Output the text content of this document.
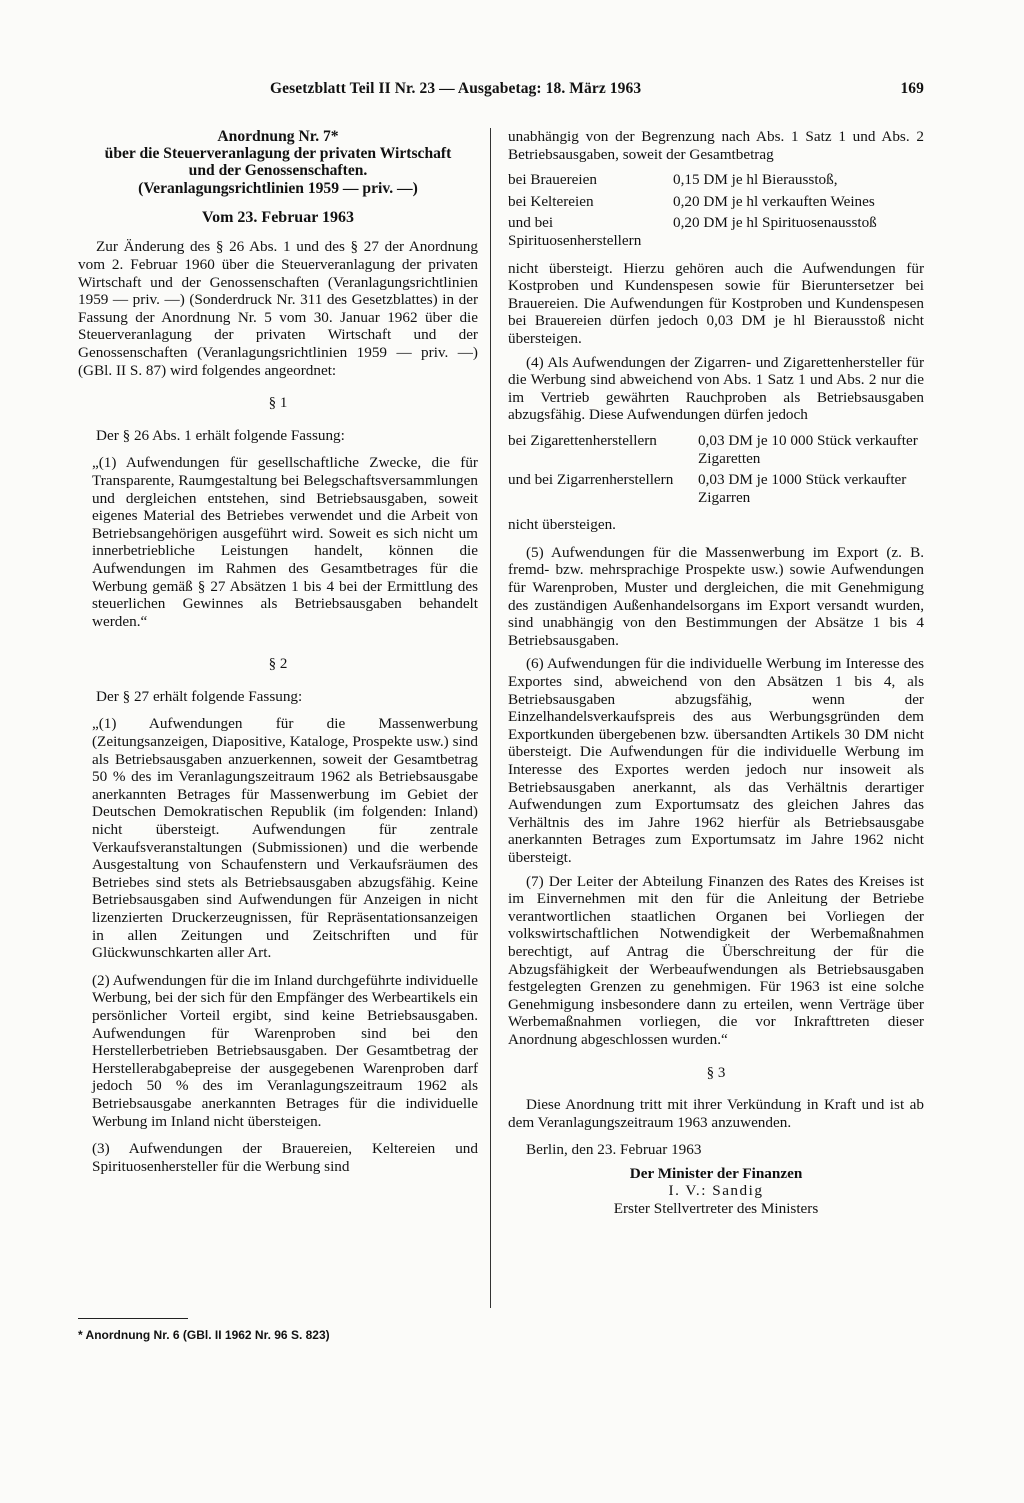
Gesetzblatt Teil II Nr. 23 — Ausgabetag: 18. März 1963	169

Anordnung Nr. 7*

über die Steuerveranlagung der privaten Wirtschaft

und der Genossenschaften.

(Veranlagungsrichtlinien 1959 — priv. —)

Vom 23. Februar 1963

Zur Änderung des § 26 Abs. 1 und des § 27 der Anordnung vom 2. Februar 1960 über die Steuerveranlagung der privaten Wirtschaft und der Genossenschaften (Veranlagungsrichtlinien 1959 — priv. —) (Sonderdruck Nr. 311 des Gesetzblattes) in der Fassung der Anordnung Nr. 5 vom 30. Januar 1962 über die Steuerveranlagung der privaten Wirtschaft und der Genossenschaften (Veranlagungsrichtlinien 1959 — priv. —) (GBl. II S. 87) wird folgendes angeordnet:

§ 1

Der § 26 Abs. 1 erhält folgende Fassung:

„(1) Aufwendungen für gesellschaftliche Zwecke, die für Transparente, Raumgestaltung bei Belegschaftsversammlungen und dergleichen entstehen, sind Betriebsausgaben, soweit eigenes Material des Betriebes verwendet und die Arbeit von Betriebsangehörigen ausgeführt wird. Soweit es sich nicht um innerbetriebliche Leistungen handelt, können die Aufwendungen im Rahmen des Gesamtbetrages für die Werbung gemäß § 27 Absätzen 1 bis 4 bei der Ermittlung des steuerlichen Gewinnes als Betriebsausgaben behandelt werden.“

§ 2

Der § 27 erhält folgende Fassung:

„(1) Aufwendungen für die Massenwerbung (Zeitungsanzeigen, Diapositive, Kataloge, Prospekte usw.) sind als Betriebsausgaben anzuerkennen, soweit der Gesamtbetrag 50 % des im Veranlagungszeitraum 1962 als Betriebsausgabe anerkannten Betrages für Massenwerbung im Gebiet der Deutschen Demokratischen Republik (im folgenden: Inland) nicht übersteigt. Aufwendungen für zentrale Verkaufsveranstaltungen (Submissionen) und die werbende Ausgestaltung von Schaufenstern und Verkaufsräumen des Betriebes sind stets als Betriebsausgaben abzugsfähig. Keine Betriebsausgaben sind Aufwendungen für Anzeigen in nicht lizenzierten Druckerzeugnissen, für Repräsentationsanzeigen in allen Zeitungen und Zeitschriften und für Glückwunschkarten aller Art.

(2) Aufwendungen für die im Inland durchgeführte individuelle Werbung, bei der sich für den Empfänger des Werbeartikels ein persönlicher Vorteil ergibt, sind keine Betriebsausgaben. Aufwendungen für Warenproben sind bei den Herstellerbetrieben Betriebsausgaben. Der Gesamtbetrag der Herstellerabgabepreise der ausgegebenen Warenproben darf jedoch 50 % des im Veranlagungszeitraum 1962 als Betriebsausgabe anerkannten Betrages für die individuelle Werbung im Inland nicht übersteigen.

(3) Aufwendungen der Brauereien, Keltereien und Spirituosenhersteller für die Werbung sind

unabhängig von der Begrenzung nach Abs. 1 Satz 1 und Abs. 2 Betriebsausgaben, soweit der Gesamtbetrag

bei Brauereien	0,15 DM je hl Bierausstoß,
bei Keltereien	0,20 DM je hl verkauften Weines
und bei Spirituosenherstellern	0,20 DM je hl Spirituosenausstoß

nicht übersteigt. Hierzu gehören auch die Aufwendungen für Kostproben und Kundenspesen sowie für Bieruntersetzer bei Brauereien. Die Aufwendungen für Kostproben und Kundenspesen bei Brauereien dürfen jedoch 0,03 DM je hl Bierausstoß nicht übersteigen.

(4) Als Aufwendungen der Zigarren- und Zigarettenhersteller für die Werbung sind abweichend von Abs. 1 Satz 1 und Abs. 2 nur die im Vertrieb gewährten Rauchproben als Betriebsausgaben abzugsfähig. Diese Aufwendungen dürfen jedoch

bei Zigarettenherstellern	0,03 DM je 10 000 Stück verkaufter Zigaretten
und bei Zigarrenherstellern	0,03 DM je 1000 Stück verkaufter Zigarren

nicht übersteigen.

(5) Aufwendungen für die Massenwerbung im Export (z. B. fremd- bzw. mehrsprachige Prospekte usw.) sowie Aufwendungen für Warenproben, Muster und dergleichen, die mit Genehmigung des zuständigen Außenhandelsorgans im Export versandt wurden, sind unabhängig von den Bestimmungen der Absätze 1 bis 4 Betriebsausgaben.

(6) Aufwendungen für die individuelle Werbung im Interesse des Exportes sind, abweichend von den Absätzen 1 bis 4, als Betriebsausgaben abzugsfähig, wenn der Einzelhandelsverkaufspreis des aus Werbungsgründen dem Exportkunden übergebenen bzw. übersandten Artikels 30 DM nicht übersteigt. Die Aufwendungen für die individuelle Werbung im Interesse des Exportes werden jedoch nur insoweit als Betriebsausgaben anerkannt, als das Verhältnis derartiger Aufwendungen zum Exportumsatz des gleichen Jahres das Verhältnis des im Jahre 1962 hierfür als Betriebsausgabe anerkannten Betrages zum Exportumsatz im Jahre 1962 nicht übersteigt.

(7) Der Leiter der Abteilung Finanzen des Rates des Kreises ist im Einvernehmen mit den für die Anleitung der Betriebe verantwortlichen staatlichen Organen bei Vorliegen der volkswirtschaftlichen Notwendigkeit der Werbemaßnahmen berechtigt, auf Antrag die Überschreitung der für die Abzugsfähigkeit der Werbeaufwendungen als Betriebsausgaben festgelegten Grenzen zu genehmigen. Für 1963 ist eine solche Genehmigung insbesondere dann zu erteilen, wenn Verträge über Werbemaßnahmen vorliegen, die vor Inkrafttreten dieser Anordnung abgeschlossen wurden.“

§ 3

Diese Anordnung tritt mit ihrer Verkündung in Kraft und ist ab dem Veranlagungszeitraum 1963 anzuwenden.

Berlin, den 23. Februar 1963

Der Minister der Finanzen

I. V.: Sandig

Erster Stellvertreter des Ministers

* Anordnung Nr. 6 (GBl. II 1962 Nr. 96 S. 823)
